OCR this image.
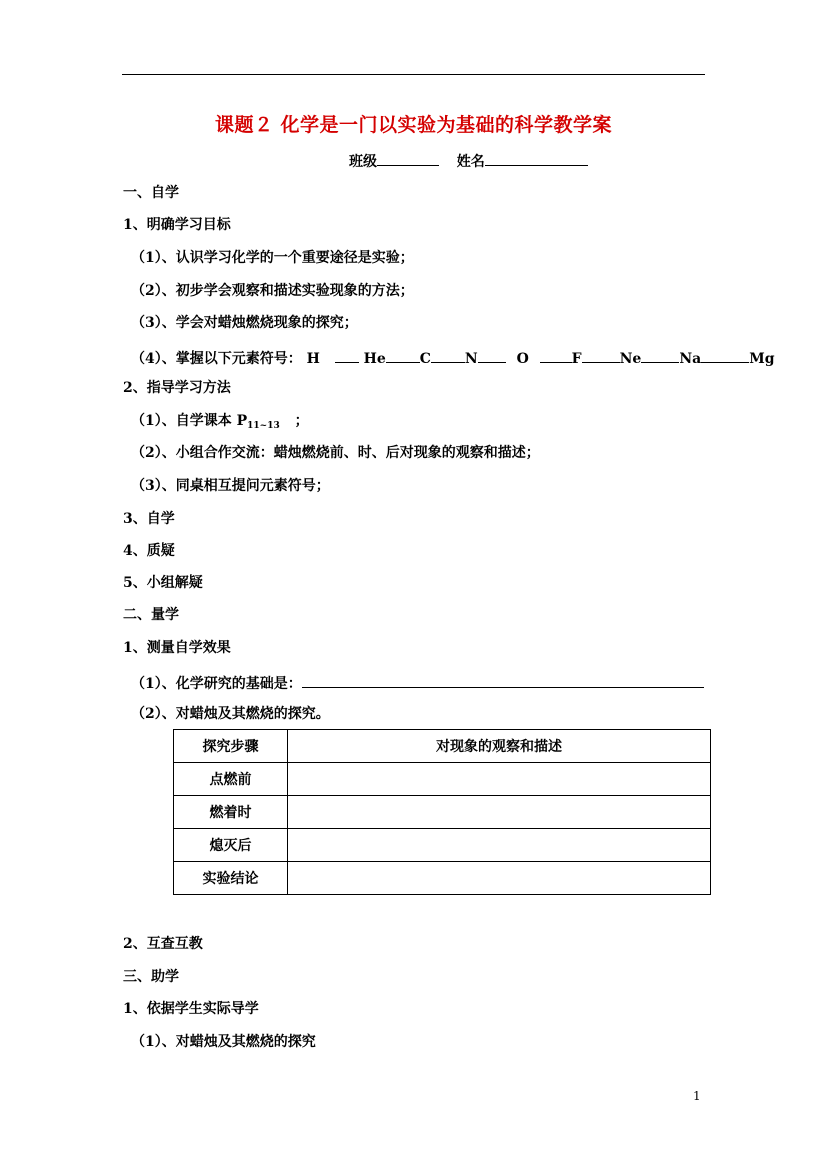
课题２ 化学是一门以实验为基础的科学教学案
班级	姓名
一、自学
1、明确学习目标
（1）、认识学习化学的一个重要途径是实验；
（2）、初步学会观察和描述实验现象的方法；
（3）、学会对蜡烛燃烧现象的探究；
（4）、掌握以下元素符号： H	He C N	O	F	Ne	Na	Mg
2、指导学习方法
（1）、自学课本 $P_{11\sim 13}$ ；
（2）、小组合作交流：蜡烛燃烧前、时、后对现象的观察和描述；
（3）、同桌相互提问元素符号；
3、自学
4、质疑
5、小组解疑
二、量学
1、测量自学效果
（1）、化学研究的基础是：
（2）、对蜡烛及其燃烧的探究。
探究步骤	对现象的观察和描述
点燃前	
燃着时	
熄灭后	
实验结论	
2、互查互教
三、助学
1、依据学生实际导学
（1）、对蜡烛及其燃烧的探究
1
